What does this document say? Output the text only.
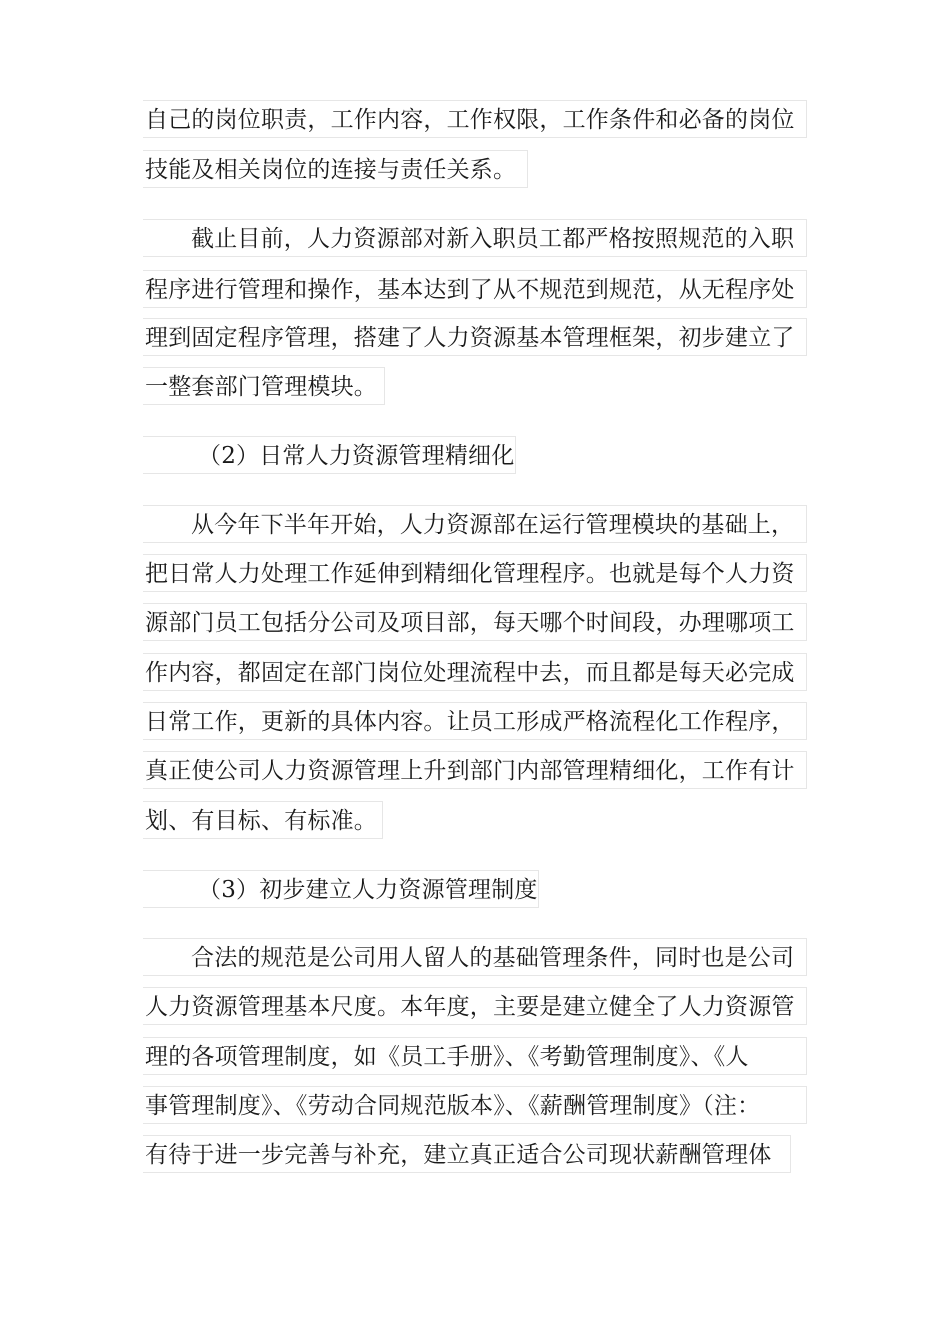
自己的岗位职责，工作内容，工作权限，工作条件和必备的岗位
技能及相关岗位的连接与责任关系。
截止目前，人力资源部对新入职员工都严格按照规范的入职
程序进行管理和操作，基本达到了从不规范到规范，从无程序处
理到固定程序管理，搭建了人力资源基本管理框架，初步建立了
一整套部门管理模块。
（2）日常人力资源管理精细化
从今年下半年开始，人力资源部在运行管理模块的基础上，
把日常人力处理工作延伸到精细化管理程序。也就是每个人力资
源部门员工包括分公司及项目部，每天哪个时间段，办理哪项工
作内容，都固定在部门岗位处理流程中去，而且都是每天必完成
日常工作，更新的具体内容。让员工形成严格流程化工作程序，
真正使公司人力资源管理上升到部门内部管理精细化，工作有计
划、有目标、有标准。
（3）初步建立人力资源管理制度
合法的规范是公司用人留人的基础管理条件，同时也是公司
人力资源管理基本尺度。本年度，主要是建立健全了人力资源管
理的各项管理制度，如《员工手册》、《考勤管理制度》、《人
事管理制度》、《劳动合同规范版本》、《薪酬管理制度》（注：
有待于进一步完善与补充，建立真正适合公司现状薪酬管理体
